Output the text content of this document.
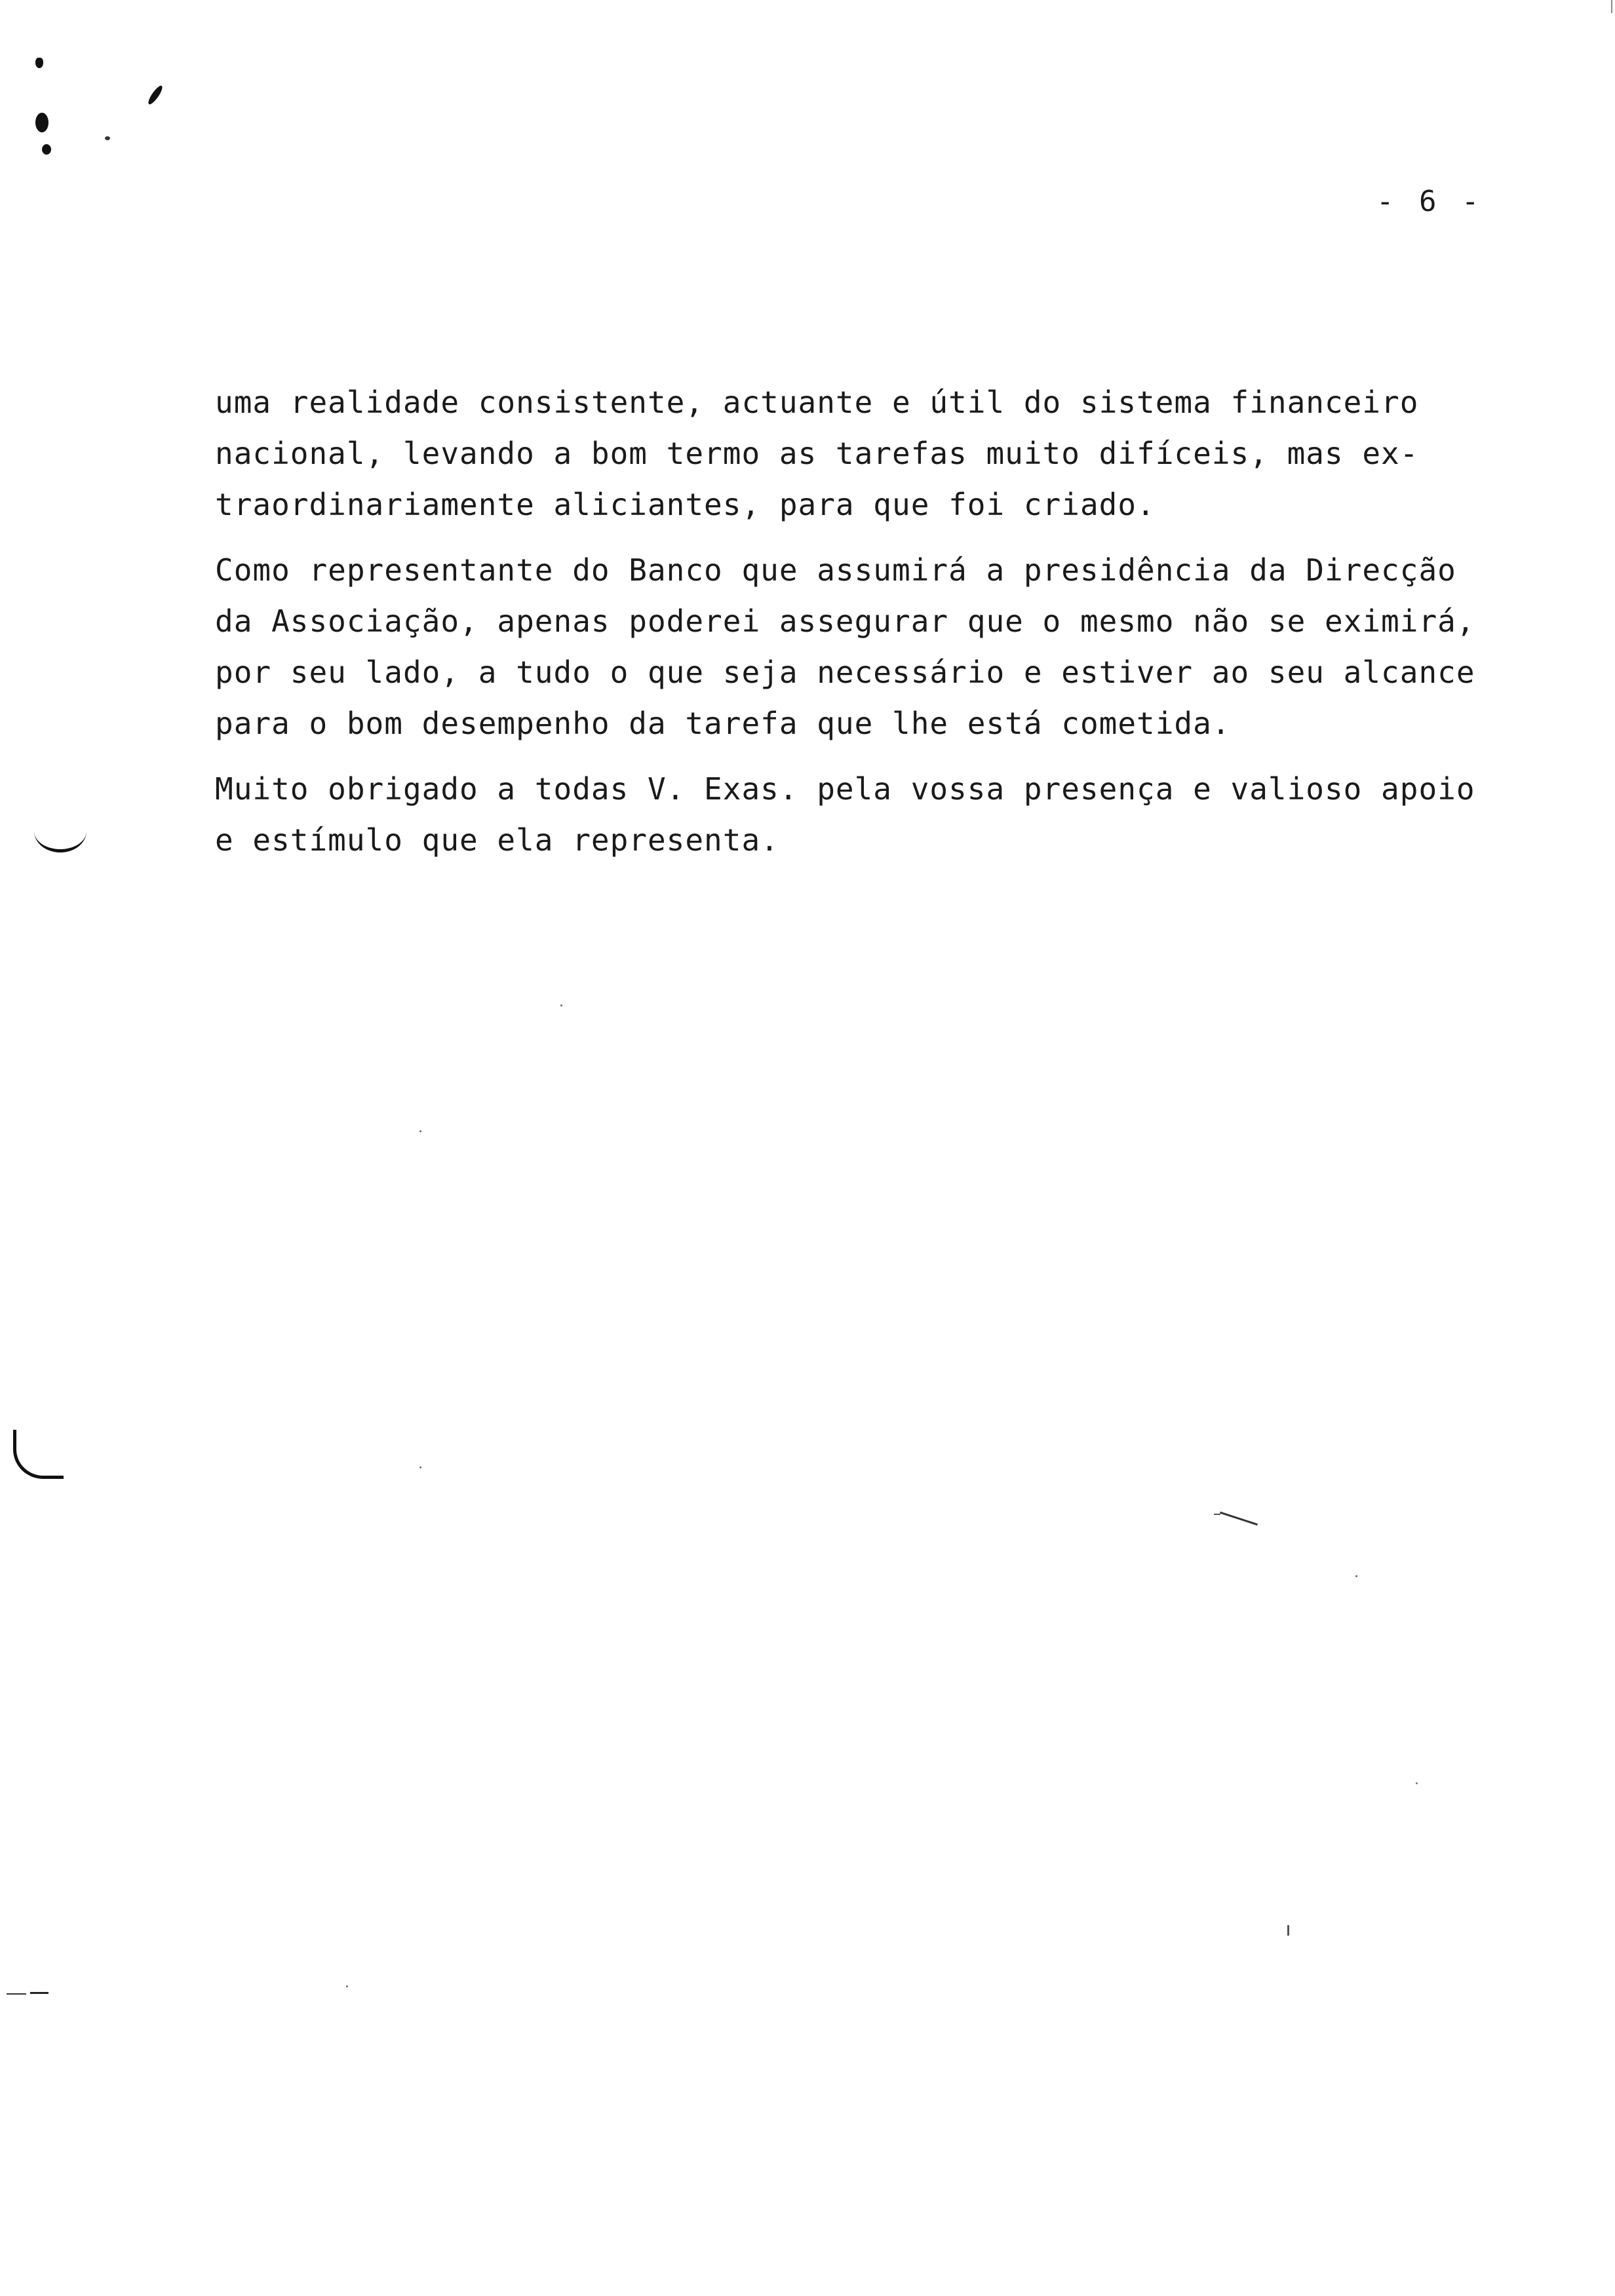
- 6 -
uma realidade consistente, actuante e útil do sistema financeiro
nacional, levando a bom termo as tarefas muito difíceis, mas ex-
traordinariamente aliciantes, para que foi criado.
Como representante do Banco que assumirá a presidência da Direcção
da Associação, apenas poderei assegurar que o mesmo não se eximirá,
por seu lado, a tudo o que seja necessário e estiver ao seu alcance
para o bom desempenho da tarefa que lhe está cometida.
Muito obrigado a todas V. Exas. pela vossa presença e valioso apoio
e estímulo que ela representa.
